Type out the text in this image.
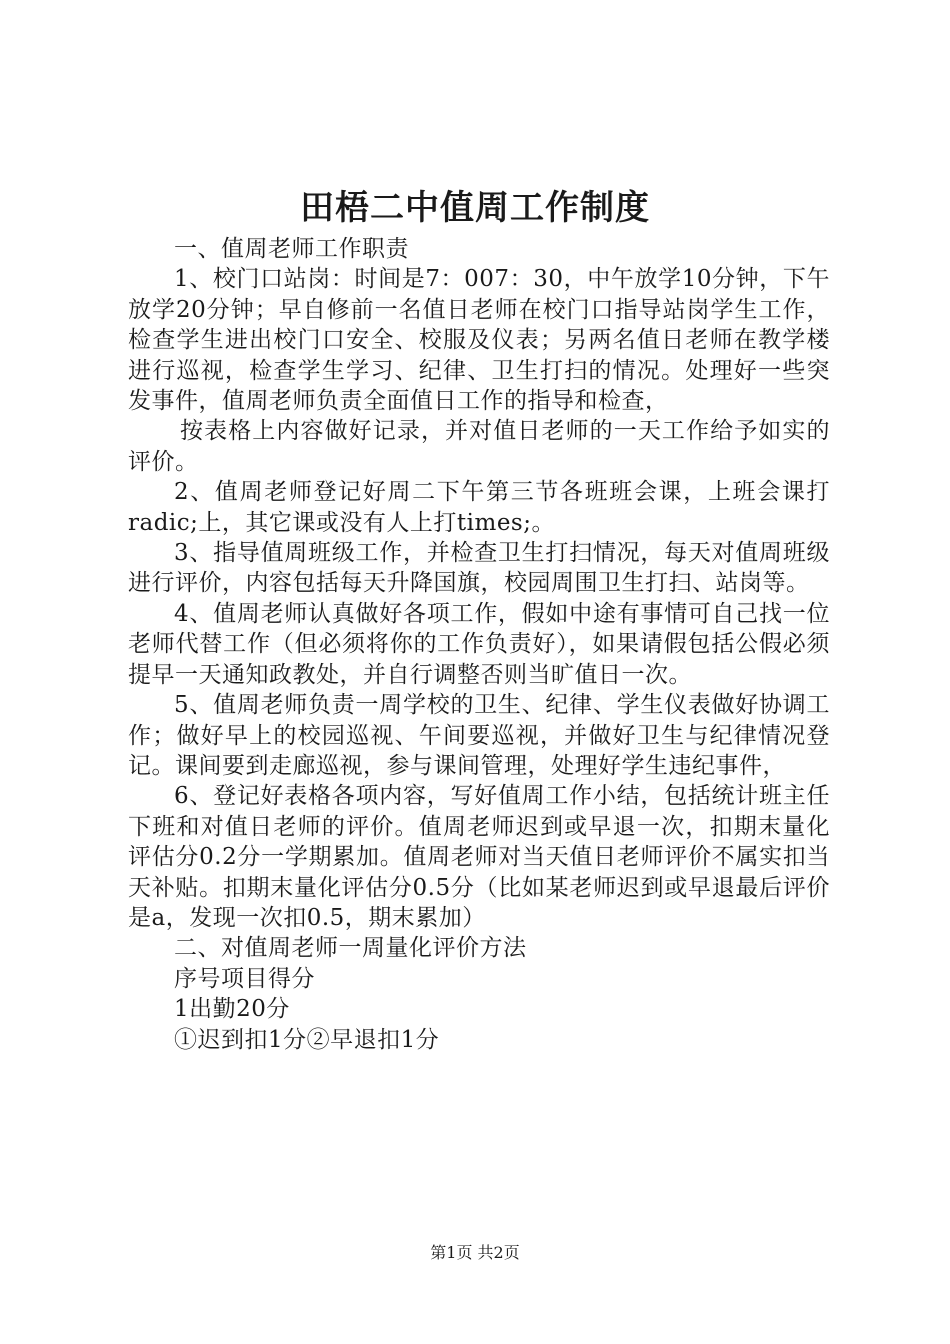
田梧二中值周工作制度

一、值周老师工作职责

1、校门口站岗：时间是7：007：30，中午放学10分钟，下午放学20分钟；早自修前一名值日老师在校门口指导站岗学生工作，检查学生进出校门口安全、校服及仪表；另两名值日老师在教学楼进行巡视，检查学生学习、纪律、卫生打扫的情况。处理好一些突发事件，值周老师负责全面值日工作的指导和检查，

按表格上内容做好记录，并对值日老师的一天工作给予如实的评价。

2、值周老师登记好周二下午第三节各班班会课，上班会课打radic;上，其它课或没有人上打times;。

3、指导值周班级工作，并检查卫生打扫情况，每天对值周班级进行评价，内容包括每天升降国旗，校园周围卫生打扫、站岗等。

4、值周老师认真做好各项工作，假如中途有事情可自己找一位老师代替工作（但必须将你的工作负责好），如果请假包括公假必须提早一天通知政教处，并自行调整否则当旷值日一次。

5、值周老师负责一周学校的卫生、纪律、学生仪表做好协调工作；做好早上的校园巡视、午间要巡视，并做好卫生与纪律情况登记。课间要到走廊巡视，参与课间管理，处理好学生违纪事件，

6、登记好表格各项内容，写好值周工作小结，包括统计班主任下班和对值日老师的评价。值周老师迟到或早退一次，扣期末量化评估分0.2分一学期累加。值周老师对当天值日老师评价不属实扣当天补贴。扣期末量化评估分0.5分（比如某老师迟到或早退最后评价是a，发现一次扣0.5，期末累加）

二、对值周老师一周量化评价方法

序号项目得分

1出勤20分

①迟到扣1分②早退扣1分

第1页 共2页
